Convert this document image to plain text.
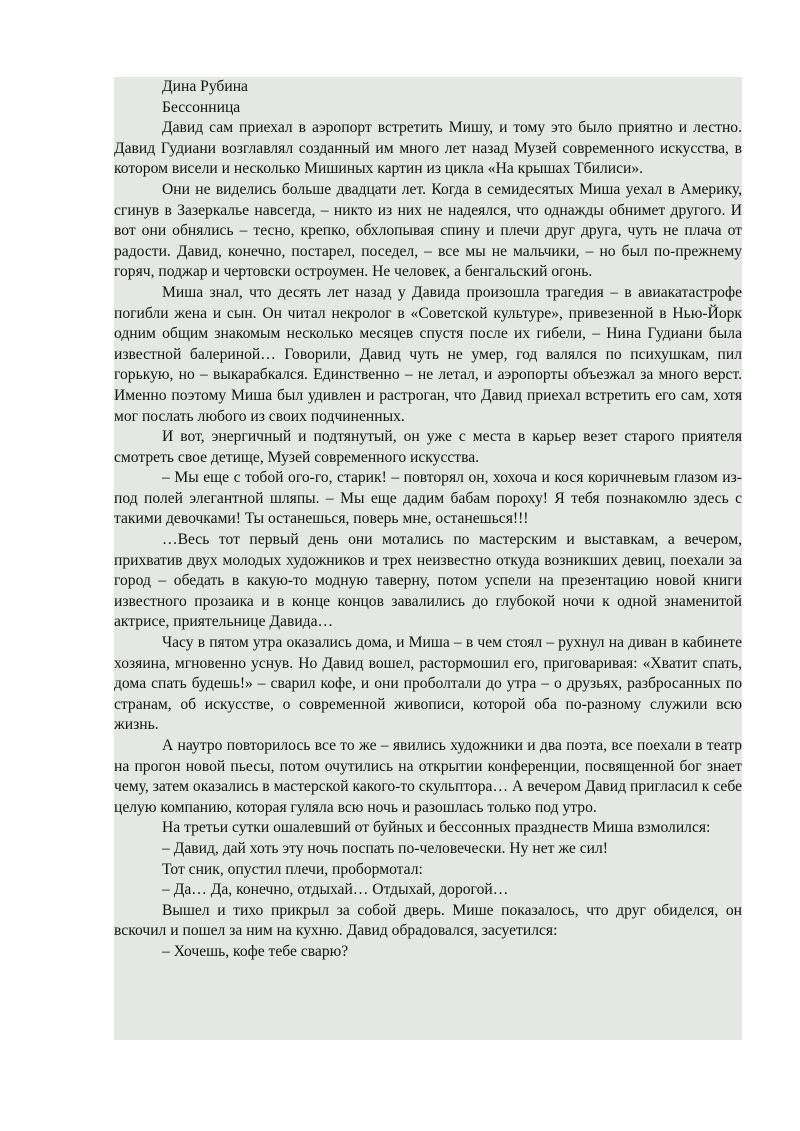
Дина Рубина

Бессонница

Давид сам приехал в аэропорт встретить Мишу, и тому это было приятно и лестно. Давид Гудиани возглавлял созданный им много лет назад Музей современного искусства, в котором висели и несколько Мишиных картин из цикла «На крышах Тбилиси».

Они не виделись больше двадцати лет. Когда в семидесятых Миша уехал в Америку, сгинув в Зазеркалье навсегда, – никто из них не надеялся, что однажды обнимет другого. И вот они обнялись – тесно, крепко, обхлопывая спину и плечи друг друга, чуть не плача от радости. Давид, конечно, постарел, поседел, – все мы не мальчики, – но был по-прежнему горяч, поджар и чертовски остроумен. Не человек, а бенгальский огонь.

Миша знал, что десять лет назад у Давида произошла трагедия – в авиакатастрофе погибли жена и сын. Он читал некролог в «Советской культуре», привезенной в Нью-Йорк одним общим знакомым несколько месяцев спустя после их гибели, – Нина Гудиани была известной балериной… Говорили, Давид чуть не умер, год валялся по психушкам, пил горькую, но – выкарабкался. Единственно – не летал, и аэропорты объезжал за много верст. Именно поэтому Миша был удивлен и растроган, что Давид приехал встретить его сам, хотя мог послать любого из своих подчиненных.

И вот, энергичный и подтянутый, он уже с места в карьер везет старого приятеля смотреть свое детище, Музей современного искусства.

– Мы еще с тобой ого-го, старик! – повторял он, хохоча и кося коричневым глазом из-под полей элегантной шляпы. – Мы еще дадим бабам пороху! Я тебя познакомлю здесь с такими девочками! Ты останешься, поверь мне, останешься!!!

…Весь тот первый день они мотались по мастерским и выставкам, а вечером, прихватив двух молодых художников и трех неизвестно откуда возникших девиц, поехали за город – обедать в какую-то модную таверну, потом успели на презентацию новой книги известного прозаика и в конце концов завалились до глубокой ночи к одной знаменитой актрисе, приятельнице Давида…

Часу в пятом утра оказались дома, и Миша – в чем стоял – рухнул на диван в кабинете хозяина, мгновенно уснув. Но Давид вошел, растормошил его, приговаривая: «Хватит спать, дома спать будешь!» – сварил кофе, и они проболтали до утра – о друзьях, разбросанных по странам, об искусстве, о современной живописи, которой оба по-разному служили всю жизнь.

А наутро повторилось все то же – явились художники и два поэта, все поехали в театр на прогон новой пьесы, потом очутились на открытии конференции, посвященной бог знает чему, затем оказались в мастерской какого-то скульптора… А вечером Давид пригласил к себе целую компанию, которая гуляла всю ночь и разошлась только под утро.

На третьи сутки ошалевший от буйных и бессонных празднеств Миша взмолился:

– Давид, дай хоть эту ночь поспать по-человечески. Ну нет же сил!

Тот сник, опустил плечи, пробормотал:

– Да… Да, конечно, отдыхай… Отдыхай, дорогой…

Вышел и тихо прикрыл за собой дверь. Мише показалось, что друг обиделся, он вскочил и пошел за ним на кухню. Давид обрадовался, засуетился:

– Хочешь, кофе тебе сварю?
